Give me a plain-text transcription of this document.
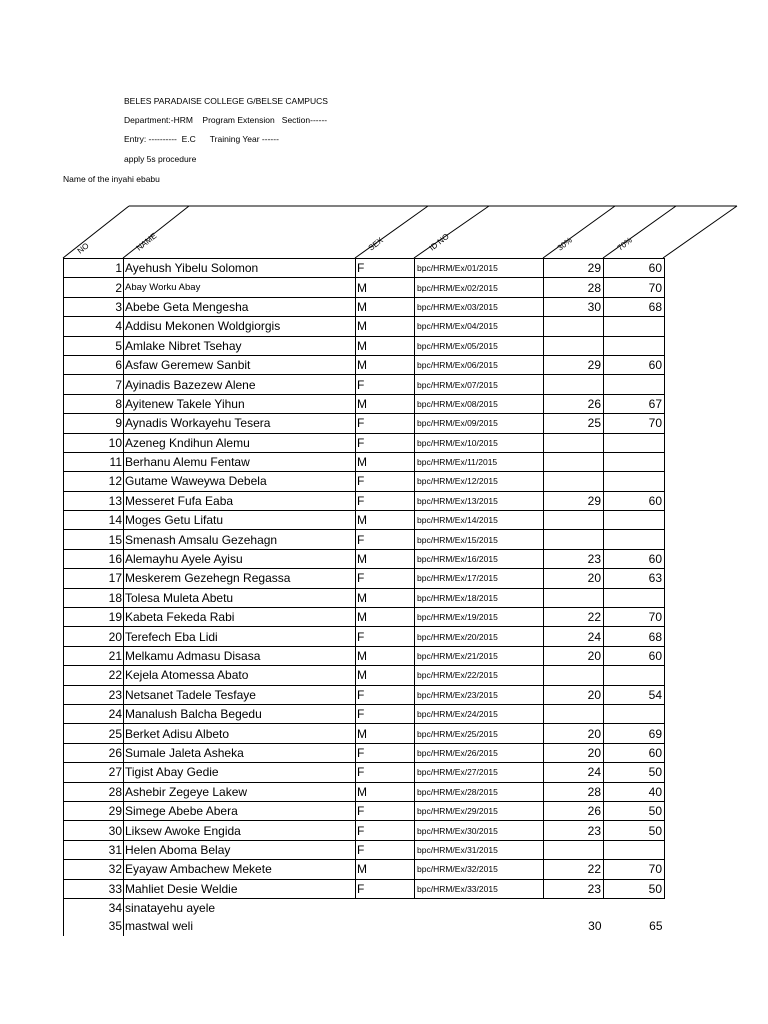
BELES PARADAISE COLLEGE G/BELSE CAMPUCS
Department:-HRM    Program Extension   Section------
Entry: ----------  E.C      Training Year ------
apply 5s procedure
Name of the inyahi ebabu
NO	NAME	SEX	ID NO	30%	70%
1	Ayehush Yibelu Solomon	F	bpc/HRM/Ex/01/2015	29	60
2	Abay Worku Abay	M	bpc/HRM/Ex/02/2015	28	70
3	Abebe Geta Mengesha	M	bpc/HRM/Ex/03/2015	30	68
4	Addisu Mekonen Woldgiorgis	M	bpc/HRM/Ex/04/2015		
5	Amlake Nibret Tsehay	M	bpc/HRM/Ex/05/2015		
6	Asfaw Geremew Sanbit	M	bpc/HRM/Ex/06/2015	29	60
7	Ayinadis Bazezew Alene	F	bpc/HRM/Ex/07/2015		
8	Ayitenew Takele Yihun	M	bpc/HRM/Ex/08/2015	26	67
9	Aynadis Workayehu Tesera	F	bpc/HRM/Ex/09/2015	25	70
10	Azeneg Kndihun Alemu	F	bpc/HRM/Ex/10/2015		
11	Berhanu Alemu Fentaw	M	bpc/HRM/Ex/11/2015		
12	Gutame Waweywa Debela	F	bpc/HRM/Ex/12/2015		
13	Messeret Fufa Eaba	F	bpc/HRM/Ex/13/2015	29	60
14	Moges Getu Lifatu	M	bpc/HRM/Ex/14/2015		
15	Smenash Amsalu Gezehagn	F	bpc/HRM/Ex/15/2015		
16	Alemayhu Ayele Ayisu	M	bpc/HRM/Ex/16/2015	23	60
17	Meskerem Gezehegn Regassa	F	bpc/HRM/Ex/17/2015	20	63
18	Tolesa Muleta Abetu	M	bpc/HRM/Ex/18/2015		
19	Kabeta Fekeda Rabi	M	bpc/HRM/Ex/19/2015	22	70
20	Terefech Eba Lidi	F	bpc/HRM/Ex/20/2015	24	68
21	Melkamu Admasu Disasa	M	bpc/HRM/Ex/21/2015	20	60
22	Kejela Atomessa Abato	M	bpc/HRM/Ex/22/2015		
23	Netsanet Tadele Tesfaye	F	bpc/HRM/Ex/23/2015	20	54
24	Manalush Balcha Begedu	F	bpc/HRM/Ex/24/2015		
25	Berket Adisu Albeto	M	bpc/HRM/Ex/25/2015	20	69
26	Sumale Jaleta Asheka	F	bpc/HRM/Ex/26/2015	20	60
27	Tigist Abay Gedie	F	bpc/HRM/Ex/27/2015	24	50
28	Ashebir Zegeye Lakew	M	bpc/HRM/Ex/28/2015	28	40
29	Simege Abebe Abera	F	bpc/HRM/Ex/29/2015	26	50
30	Liksew Awoke Engida	F	bpc/HRM/Ex/30/2015	23	50
31	Helen Aboma Belay	F	bpc/HRM/Ex/31/2015		
32	Eyayaw Ambachew Mekete	M	bpc/HRM/Ex/32/2015	22	70
33	Mahliet Desie Weldie	F	bpc/HRM/Ex/33/2015	23	50
34	sinatayehu ayele				
35	mastwal weli			30	65
